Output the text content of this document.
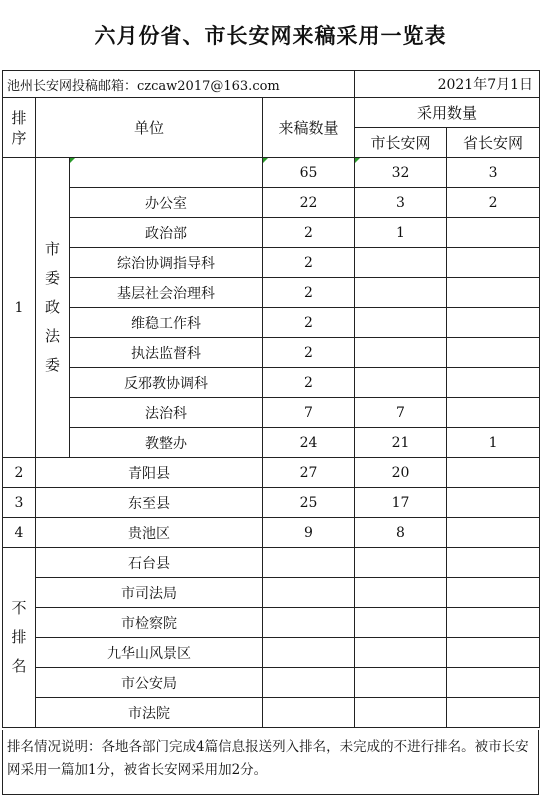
六月份省、市长安网来稿采用一览表
池州长安网投稿邮箱：czcaw2017@163.com				2021年7月1日	
排序	单位		来稿数量	采用数量	
				市长安网	省长安网
1	市委政法委		65	32	3
		办公室	22	3	2
		政治部	2	1	
		综治协调指导科	2		
		基层社会治理科	2		
		维稳工作科	2		
		执法监督科	2		
		反邪教协调科	2		
		法治科	7	7	
		教整办	24	21	1
2	青阳县		27	20	
3	东至县		25	17	
4	贵池区		9	8	
不排名	石台县				
	市司法局				
	市检察院				
	九华山风景区				
	市公安局				
	市法院				
排名情况说明：各地各部门完成4篇信息报送列入排名，未完成的不进行排名。被市长安网采用一篇加1分，被省长安网采用加2分。
